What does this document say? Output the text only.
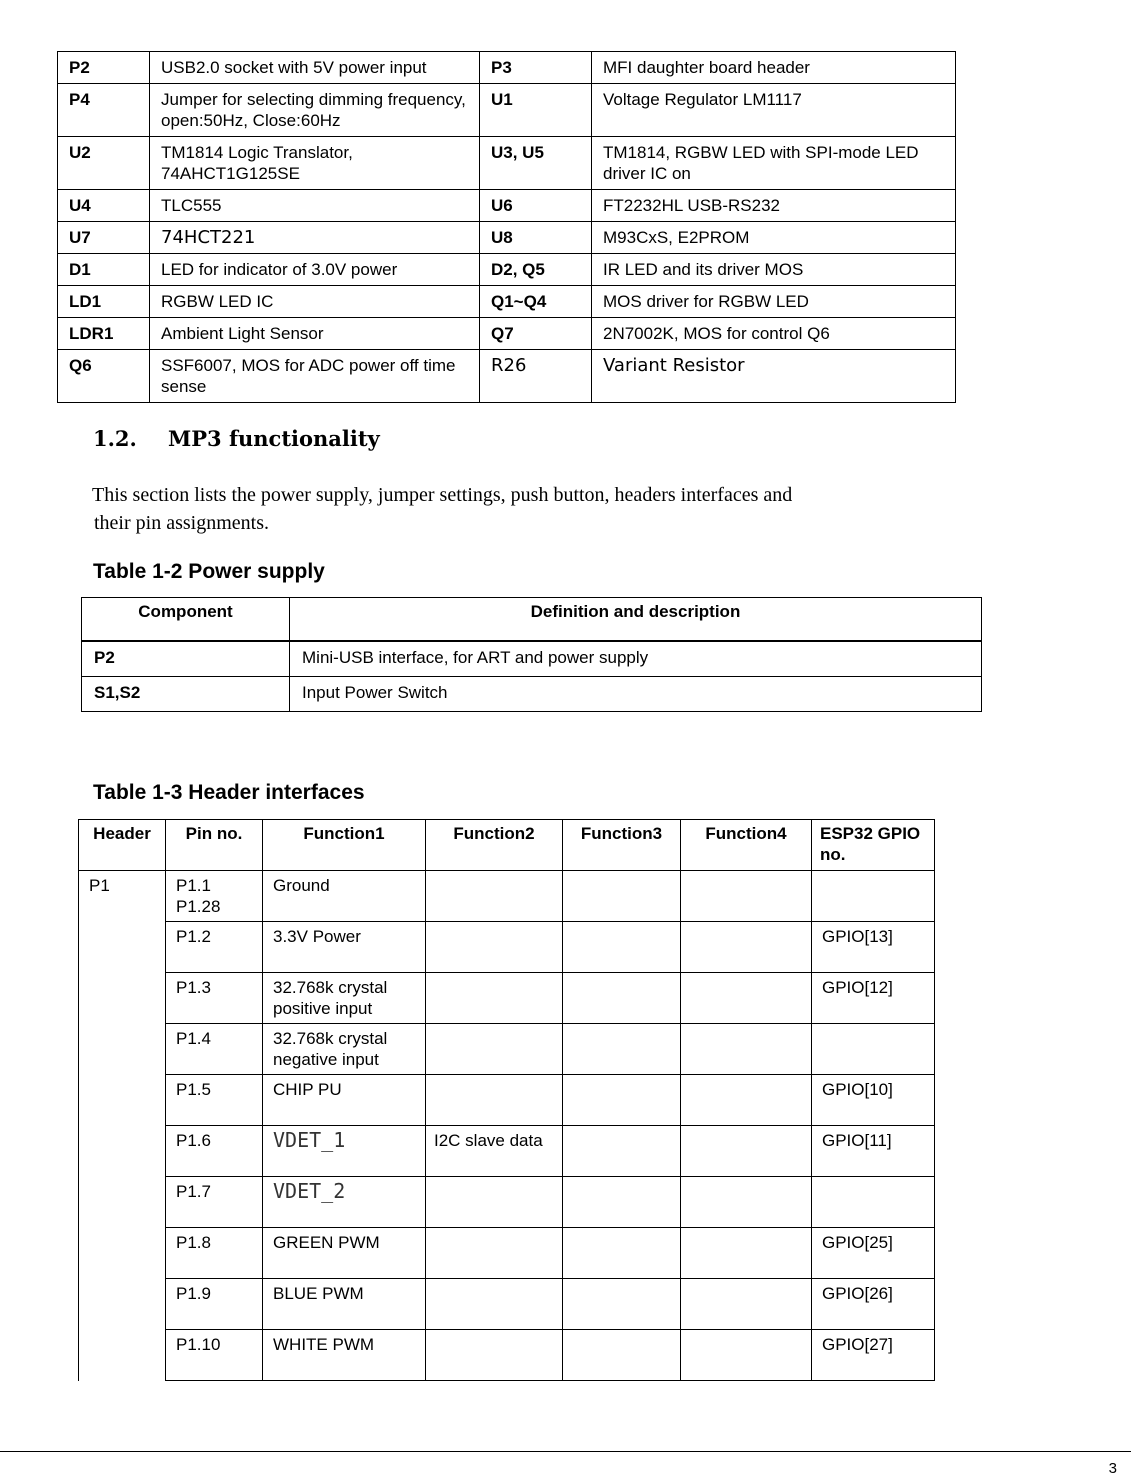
P2	USB2.0 socket with 5V power input	P3	MFI daughter board header
P4	Jumper for selecting dimming frequency, open:50Hz, Close:60Hz	U1	Voltage Regulator LM1117
U2	TM1814 Logic Translator, 74AHCT1G125SE	U3, U5	TM1814, RGBW LED with SPI-mode LED driver IC on
U4	TLC555	U6	FT2232HL USB-RS232
U7	74HCT221	U8	M93CxS, E2PROM
D1	LED for indicator of 3.0V power	D2, Q5	IR LED and its driver MOS
LD1	RGBW LED IC	Q1~Q4	MOS driver for RGBW LED
LDR1	Ambient Light Sensor	Q7	2N7002K, MOS for control Q6
Q6	SSF6007, MOS for ADC power off time sense	R26	Variant Resistor
1.2. MP3 functionality
This section lists the power supply, jumper settings, push button, headers interfaces and
their pin assignments.
Table 1-2 Power supply
Component	Definition and description
P2	Mini-USB interface, for ART and power supply
S1,S2	Input Power Switch
Table 1-3 Header interfaces
Header	Pin no.	Function1	Function2	Function3	Function4	ESP32 GPIO no.
P1	P1.1 P1.28	Ground				
	P1.2	3.3V Power				GPIO[13]
	P1.3	32.768k crystal positive input				GPIO[12]
	P1.4	32.768k crystal negative input				
	P1.5	CHIP PU				GPIO[10]
	P1.6	VDET_1	I2C slave data			GPIO[11]
	P1.7	VDET_2				
	P1.8	GREEN PWM				GPIO[25]
	P1.9	BLUE PWM				GPIO[26]
	P1.10	WHITE PWM				GPIO[27]
3
